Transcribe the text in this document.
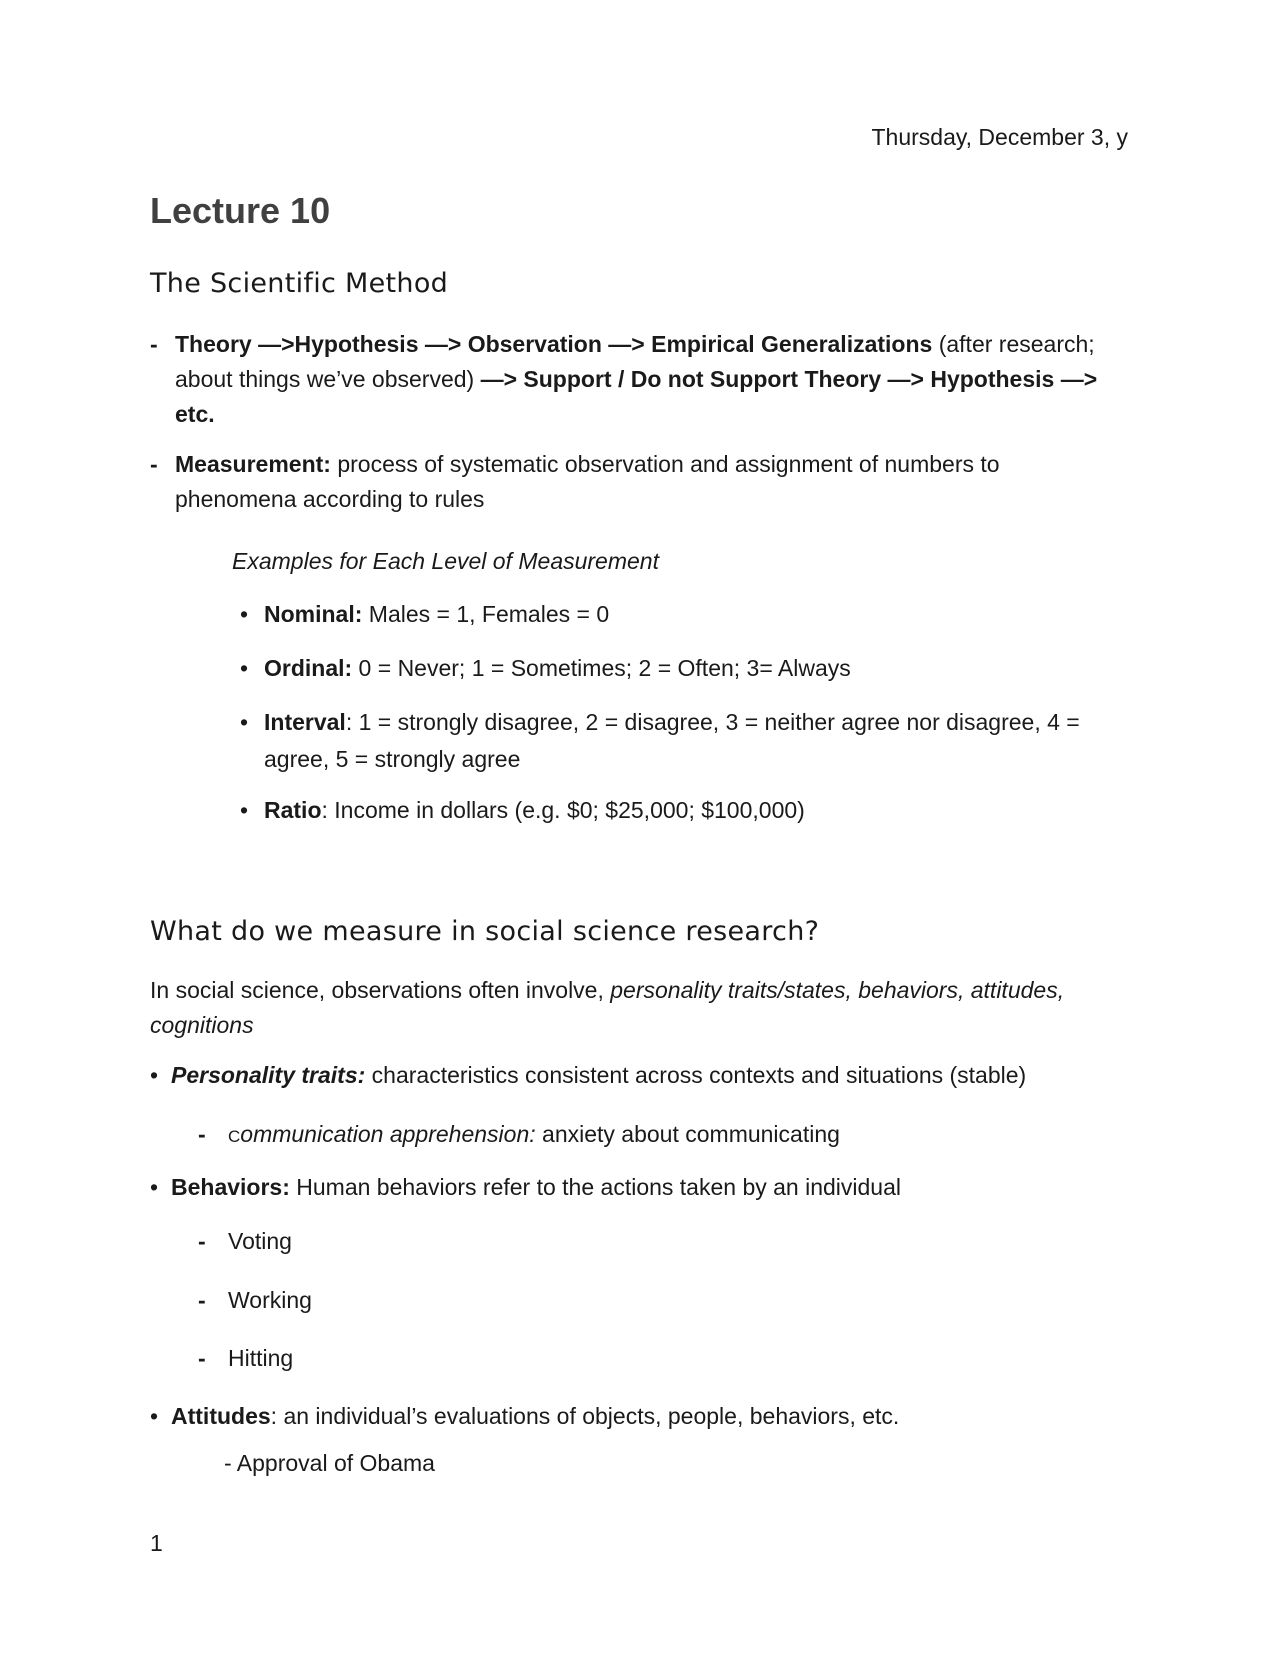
Thursday, December 3, y
Lecture 10
The Scientific Method
- Theory —>Hypothesis —> Observation —> Empirical Generalizations (after research; about things we’ve observed) —> Support / Do not Support Theory —> Hypothesis —> etc.
- Measurement: process of systematic observation and assignment of numbers to phenomena according to rules
Examples for Each Level of Measurement
• Nominal: Males = 1, Females = 0
• Ordinal: 0 = Never; 1 = Sometimes; 2 = Often; 3= Always
• Interval: 1 = strongly disagree, 2 = disagree, 3 = neither agree nor disagree, 4 = agree, 5 = strongly agree
• Ratio: Income in dollars (e.g. $0; $25,000; $100,000)
What do we measure in social science research?
In social science, observations often involve, personality traits/states, behaviors, attitudes, cognitions
• Personality traits: characteristics consistent across contexts and situations (stable)
- Communication apprehension: anxiety about communicating
• Behaviors: Human behaviors refer to the actions taken by an individual
- Voting
- Working
- Hitting
• Attitudes: an individual’s evaluations of objects, people, behaviors, etc.
- Approval of Obama
1
